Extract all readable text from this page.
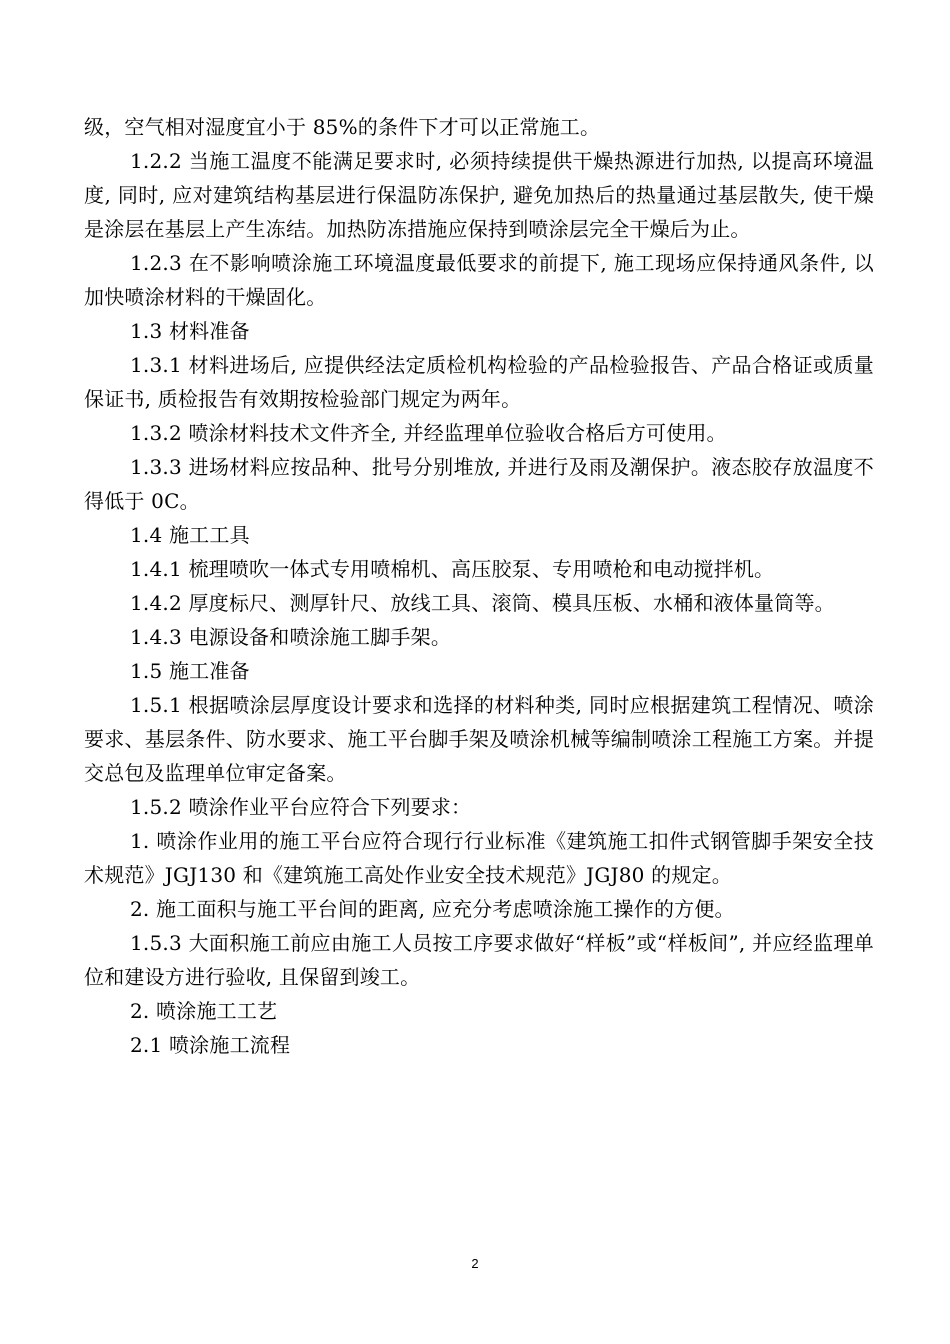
级，空气相对湿度宜小于 85%的条件下才可以正常施工。

1.2.2 当施工温度不能满足要求时, 必须持续提供干燥热源进行加热, 以提高环境温度, 同时, 应对建筑结构基层进行保温防冻保护, 避免加热后的热量通过基层散失, 使干燥是涂层在基层上产生冻结。加热防冻措施应保持到喷涂层完全干燥后为止。

1.2.3 在不影响喷涂施工环境温度最低要求的前提下, 施工现场应保持通风条件, 以加快喷涂材料的干燥固化。

1.3 材料准备

1.3.1 材料进场后, 应提供经法定质检机构检验的产品检验报告、产品合格证或质量保证书, 质检报告有效期按检验部门规定为两年。

1.3.2 喷涂材料技术文件齐全, 并经监理单位验收合格后方可使用。

1.3.3 进场材料应按品种、批号分别堆放, 并进行及雨及潮保护。液态胶存放温度不得低于 0C。

1.4 施工工具

1.4.1 梳理喷吹一体式专用喷棉机、高压胶泵、专用喷枪和电动搅拌机。

1.4.2 厚度标尺、测厚针尺、放线工具、滚筒、模具压板、水桶和液体量筒等。

1.4.3 电源设备和喷涂施工脚手架。

1.5 施工准备

1.5.1 根据喷涂层厚度设计要求和选择的材料种类, 同时应根据建筑工程情况、喷涂要求、基层条件、防水要求、施工平台脚手架及喷涂机械等编制喷涂工程施工方案。并提交总包及监理单位审定备案。

1.5.2 喷涂作业平台应符合下列要求：

1. 喷涂作业用的施工平台应符合现行行业标准《建筑施工扣件式钢管脚手架安全技术规范》JGJ130 和《建筑施工高处作业安全技术规范》JGJ80 的规定。

2. 施工面积与施工平台间的距离, 应充分考虑喷涂施工操作的方便。

1.5.3 大面积施工前应由施工人员按工序要求做好“样板”或“样板间”, 并应经监理单位和建设方进行验收, 且保留到竣工。

2. 喷涂施工工艺

2.1 喷涂施工流程

2
